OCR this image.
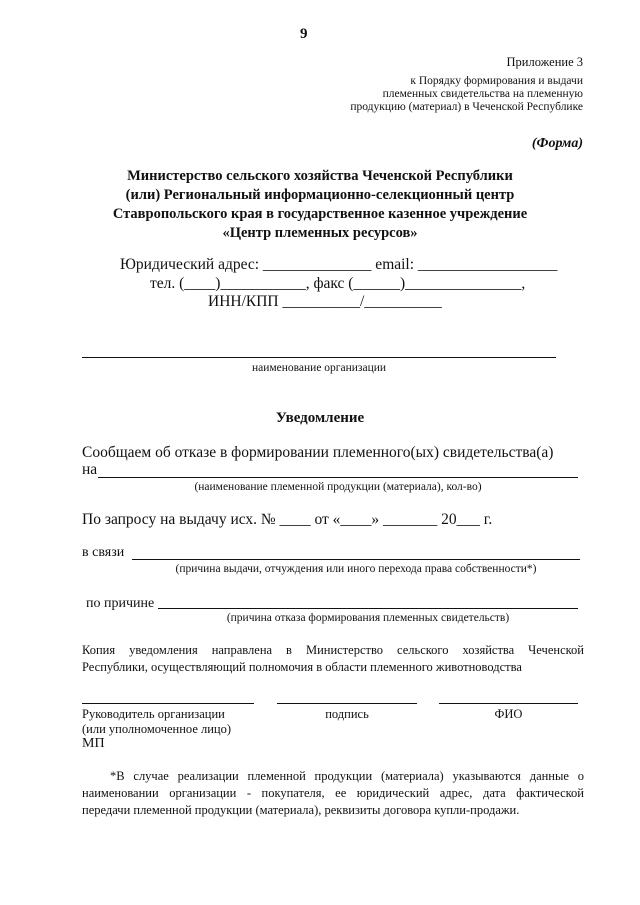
9
Приложение 3
к Порядку формирования и выдачи
племенных свидетельства на племенную
продукцию (материал) в Чеченской Республике
(Форма)
Министерство сельского хозяйства Чеченской Республики
(или) Региональный информационно-селекционный центр
Ставропольского края в государственное казенное учреждение
«Центр племенных ресурсов»
Юридический адрес: ______________ email: __________________
тел. (____)___________, факс (______)_______________,
ИНН/КПП __________/__________
наименование организации
Уведомление
Сообщаем об отказе в формировании племенного(ых) свидетельства(а)
на
(наименование племенной продукции (материала), кол-во)
По запросу на выдачу исх. № ____ от «____» _______ 20___ г.
в связи
(причина выдачи, отчуждения или иного перехода права собственности*)
по причине
(причина отказа формирования племенных свидетельств)
Копия уведомления направлена в Министерство сельского хозяйства Чеченской
Республики, осуществляющий полномочия в области племенного животноводства
Руководитель организации
(или уполномоченное лицо)
подпись	ФИО
МП
*В случае реализации племенной продукции (материала) указываются данные о
наименовании организации - покупателя, ее юридический адрес, дата фактической
передачи племенной продукции (материала), реквизиты договора купли-продажи.
